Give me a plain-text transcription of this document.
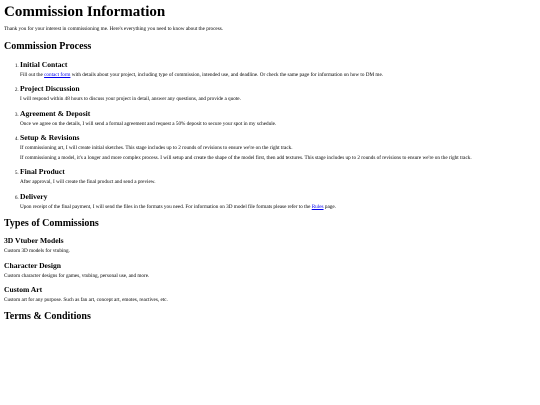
Commission Information

Thank you for your interest in commissioning me. Here's everything you need to know about the process.

Commission Process
1. Initial Contact

Fill out the contact form with details about your project, including type of commission, intended use, and deadline. Or check the same page for information on how to DM me.

2. Project Discussion

I will respond within 48 hours to discuss your project in detail, answer any questions, and provide a quote.

3. Agreement & Deposit

Once we agree on the details, I will send a formal agreement and request a 50% deposit to secure your spot in my schedule.

4. Setup & Revisions

If commissioning art, I will create initial sketches. This stage includes up to 2 rounds of revisions to ensure we're on the right track.

If commissioning a model, it's a longer and more complex process. I will setup and create the shape of the model first, then add textures. This stage includes up to 2 rounds of revisions to ensure we're on the right track.

5. Final Product

After approval, I will create the final product and send a preview.

6. Delivery

Upon receipt of the final payment, I will send the files in the formats you need. For information on 3D model file formats please refer to the Rules page.

Types of Commissions
3D Vtuber Models

Custom 3D models for vtubing.

Character Design

Custom character designs for games, vtubing, personal use, and more.

Custom Art

Custom art for any purpose. Such as fan art, concept art, emotes, reactives, etc.

Terms & Conditions
